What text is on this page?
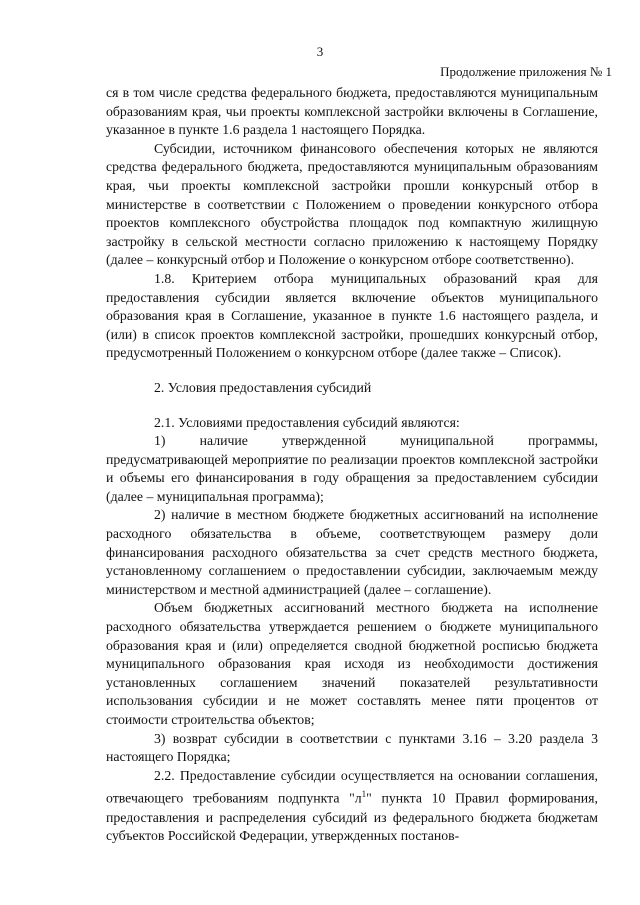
3
Продолжение приложения № 1

ся в том числе средства федерального бюджета, предоставляются муниципальным образованиям края, чьи проекты комплексной застройки включены в Соглашение, указанное в пункте 1.6 раздела 1 настоящего Порядка.

Субсидии, источником финансового обеспечения которых не являются средства федерального бюджета, предоставляются муниципальным образованиям края, чьи проекты комплексной застройки прошли конкурсный отбор в министерстве в соответствии с Положением о проведении конкурсного отбора проектов комплексного обустройства площадок под компактную жилищную застройку в сельской местности согласно приложению к настоящему Порядку (далее – конкурсный отбор и Положение о конкурсном отборе соответственно).

1.8. Критерием отбора муниципальных образований края для предоставления субсидии является включение объектов муниципального образования края в Соглашение, указанное в пункте 1.6 настоящего раздела, и (или) в список проектов комплексной застройки, прошедших конкурсный отбор, предусмотренный Положением о конкурсном отборе (далее также – Список).

2. Условия предоставления субсидий

2.1. Условиями предоставления субсидий являются:

1) наличие утвержденной муниципальной программы, предусматривающей мероприятие по реализации проектов комплексной застройки и объемы его финансирования в году обращения за предоставлением субсидии (далее – муниципальная программа);

2) наличие в местном бюджете бюджетных ассигнований на исполнение расходного обязательства в объеме, соответствующем размеру доли финансирования расходного обязательства за счет средств местного бюджета, установленному соглашением о предоставлении субсидии, заключаемым между министерством и местной администрацией (далее – соглашение).

Объем бюджетных ассигнований местного бюджета на исполнение расходного обязательства утверждается решением о бюджете муниципального образования края и (или) определяется сводной бюджетной росписью бюджета муниципального образования края исходя из необходимости достижения установленных соглашением значений показателей результативности использования субсидии и не может составлять менее пяти процентов от стоимости строительства объектов;

3) возврат субсидии в соответствии с пунктами 3.16 – 3.20 раздела 3 настоящего Порядка;

2.2. Предоставление субсидии осуществляется на основании соглашения, отвечающего требованиям подпункта "$л^1$" пункта 10 Правил формирования, предоставления и распределения субсидий из федерального бюджета бюджетам субъектов Российской Федерации, утвержденных постанов-
